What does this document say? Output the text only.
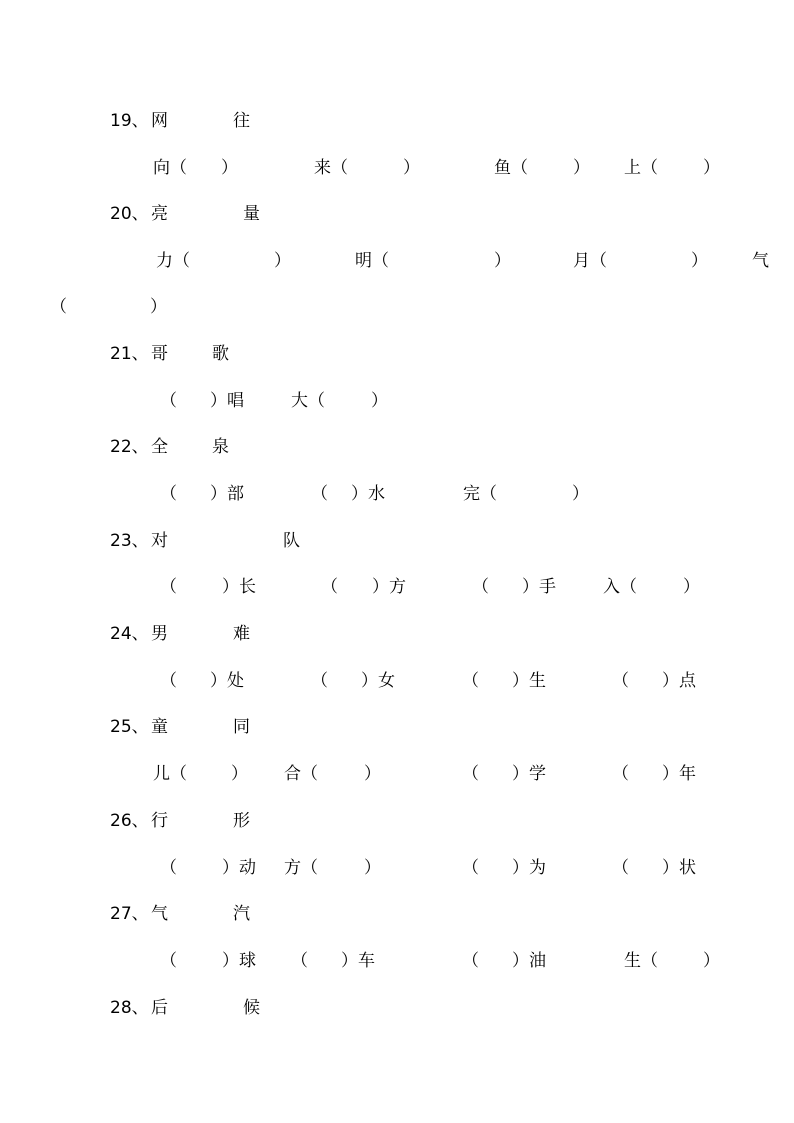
19、 网	往
向（ ）	来（	）	鱼（	） 上（	）
20、 亮	量
力（	）	明（	）	月（	）	气
（	）
21、 哥	歌
（ ）唱	大（	）
22、 全	泉
（ ）部	（ ）水	完（	）
23、 对	队
（	）长	（ ）方	（ ）手	入（	）
24、 男	难
（ ）处	（ ）女	（ ）生	（ ）点
25、 童	同
儿（	） 合（	）	（ ）学	（ ）年
26、 行	形
（	）动 方（	）	（ ）为	（ ）状
27、 气	汽
（	）球 （ ）车	（ ）油	生（	）
28、 后	候
